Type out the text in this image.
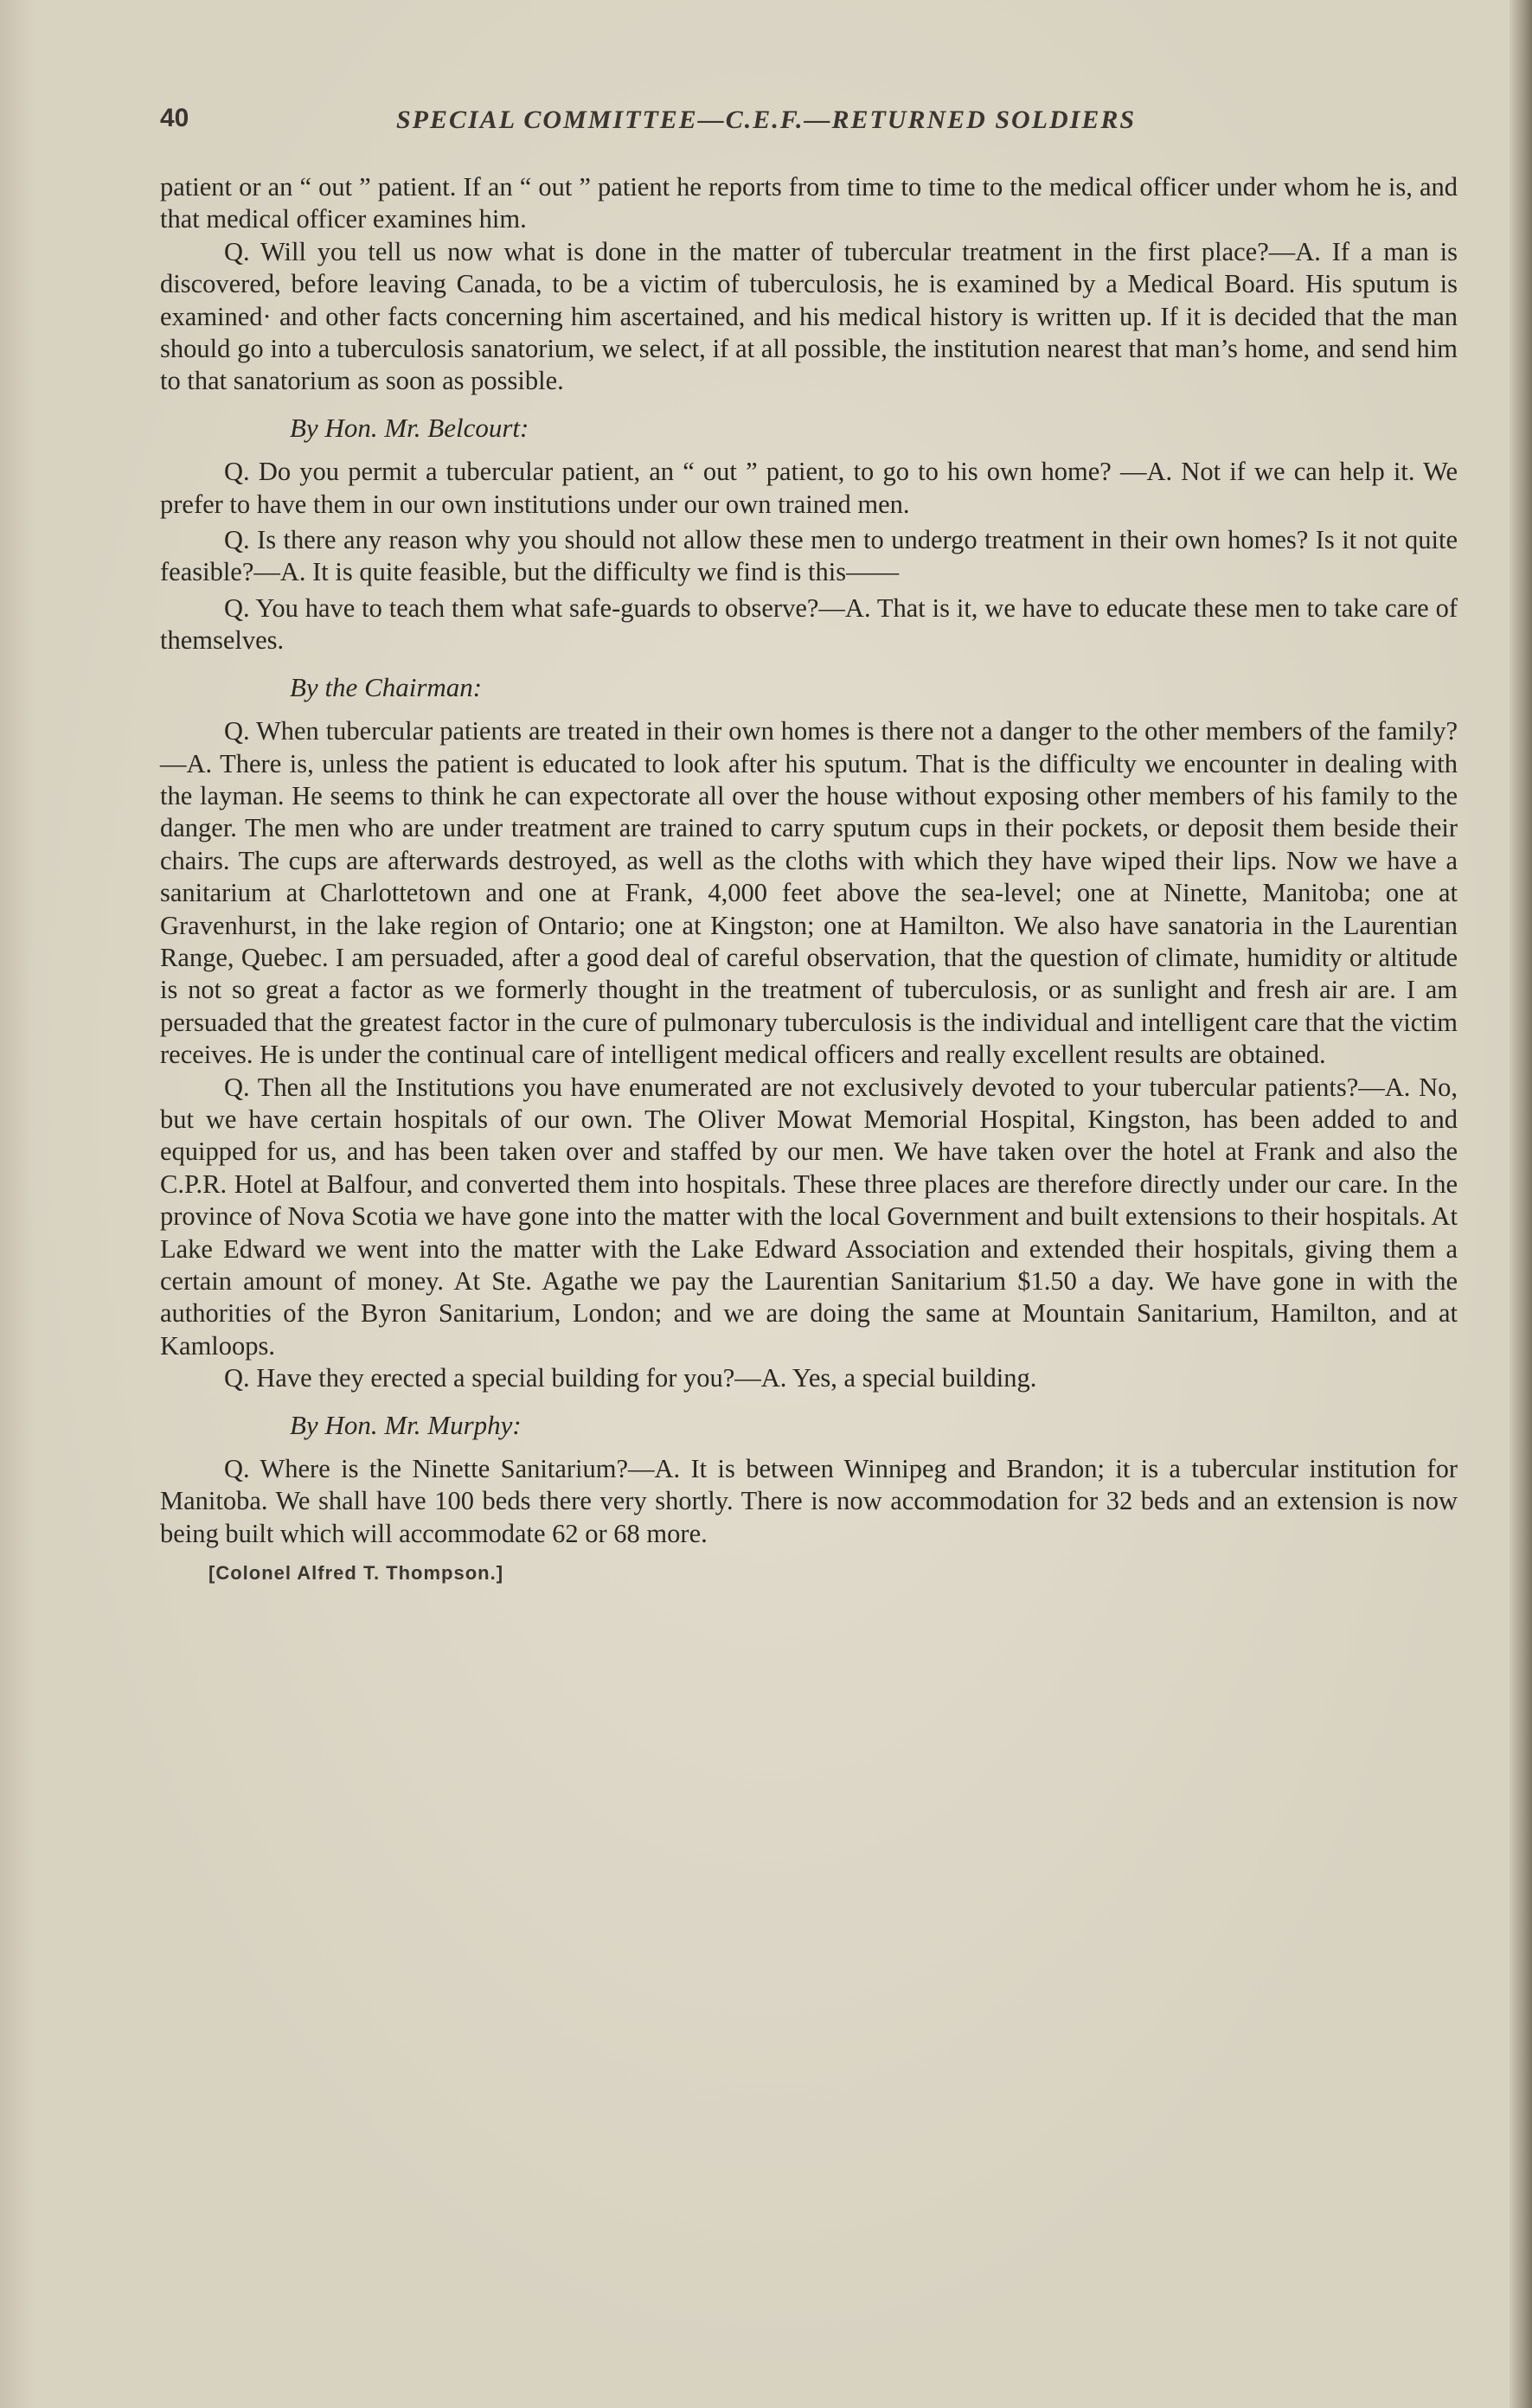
40	SPECIAL COMMITTEE—C.E.F.—RETURNED SOLDIERS

patient or an “ out ” patient. If an “ out ” patient he reports from time to time to the medical officer under whom he is, and that medical officer examines him.

Q. Will you tell us now what is done in the matter of tubercular treatment in the first place?—A. If a man is discovered, before leaving Canada, to be a victim of tuberculosis, he is examined by a Medical Board. His sputum is examined· and other facts concerning him ascertained, and his medical history is written up. If it is decided that the man should go into a tuberculosis sanatorium, we select, if at all possible, the institution nearest that man’s home, and send him to that sanatorium as soon as possible.

By Hon. Mr. Belcourt:

Q. Do you permit a tubercular patient, an “ out ” patient, to go to his own home? —A. Not if we can help it. We prefer to have them in our own institutions under our own trained men.

Q. Is there any reason why you should not allow these men to undergo treatment in their own homes? Is it not quite feasible?—A. It is quite feasible, but the difficulty we find is this——

Q. You have to teach them what safe-guards to observe?—A. That is it, we have to educate these men to take care of themselves.

By the Chairman:

Q. When tubercular patients are treated in their own homes is there not a danger to the other members of the family?—A. There is, unless the patient is educated to look after his sputum. That is the difficulty we encounter in dealing with the layman. He seems to think he can expectorate all over the house without exposing other members of his family to the danger. The men who are under treatment are trained to carry sputum cups in their pockets, or deposit them beside their chairs. The cups are afterwards destroyed, as well as the cloths with which they have wiped their lips. Now we have a sanitarium at Charlottetown and one at Frank, 4,000 feet above the sea-level; one at Ninette, Manitoba; one at Gravenhurst, in the lake region of Ontario; one at Kingston; one at Hamilton. We also have sanatoria in the Laurentian Range, Quebec. I am persuaded, after a good deal of careful observation, that the question of climate, humidity or altitude is not so great a factor as we formerly thought in the treatment of tuberculosis, or as sunlight and fresh air are. I am persuaded that the greatest factor in the cure of pulmonary tuberculosis is the individual and intelligent care that the victim receives. He is under the continual care of intelligent medical officers and really excellent results are obtained.

Q. Then all the Institutions you have enumerated are not exclusively devoted to your tubercular patients?—A. No, but we have certain hospitals of our own. The Oliver Mowat Memorial Hospital, Kingston, has been added to and equipped for us, and has been taken over and staffed by our men. We have taken over the hotel at Frank and also the C.P.R. Hotel at Balfour, and converted them into hospitals. These three places are therefore directly under our care. In the province of Nova Scotia we have gone into the matter with the local Government and built extensions to their hospitals. At Lake Edward we went into the matter with the Lake Edward Association and extended their hospitals, giving them a certain amount of money. At Ste. Agathe we pay the Laurentian Sanitarium $1.50 a day. We have gone in with the authorities of the Byron Sanitarium, London; and we are doing the same at Mountain Sanitarium, Hamilton, and at Kamloops.

Q. Have they erected a special building for you?—A. Yes, a special building.

By Hon. Mr. Murphy:

Q. Where is the Ninette Sanitarium?—A. It is between Winnipeg and Brandon; it is a tubercular institution for Manitoba. We shall have 100 beds there very shortly. There is now accommodation for 32 beds and an extension is now being built which will accommodate 62 or 68 more.

[Colonel Alfred T. Thompson.]
